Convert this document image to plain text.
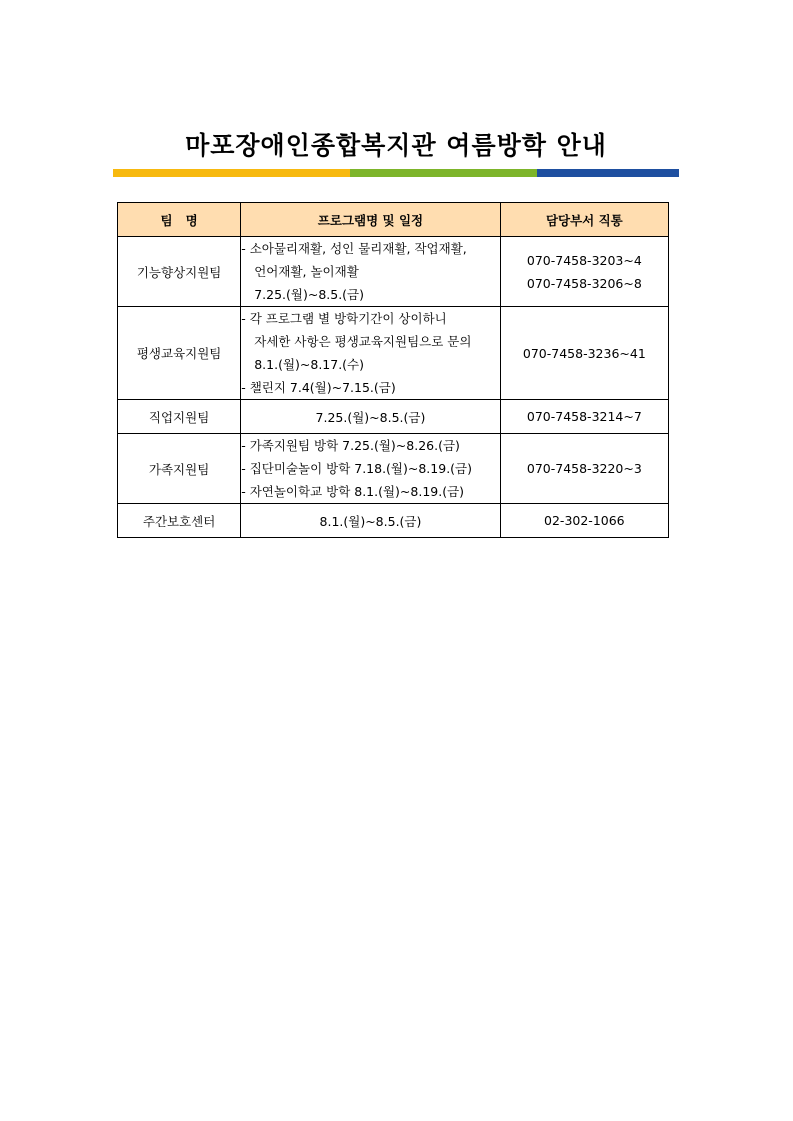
마포장애인종합복지관 여름방학 안내
팀   명	프로그램명 및 일정	담당부서 직통
기능향상지원팀	- 소아물리재활, 성인 물리재활, 작업재활,
언어재활, 놀이재활
7.25.(월)~8.5.(금)	070-7458-3203~4
070-7458-3206~8

평생교육지원팀	- 각 프로그램 별 방학기간이 상이하니
자세한 사항은 평생교육지원팀으로 문의
8.1.(월)~8.17.(수)
- 챌린지 7.4(월)~7.15.(금)	070-7458-3236~41

직업지원팀	7.25.(월)~8.5.(금)	070-7458-3214~7

가족지원팀	- 가족지원팀 방학 7.25.(월)~8.26.(금)
- 집단미술놀이 방학 7.18.(월)~8.19.(금)
- 자연놀이학교 방학 8.1.(월)~8.19.(금)	070-7458-3220~3

주간보호센터	8.1.(월)~8.5.(금)	02-302-1066
